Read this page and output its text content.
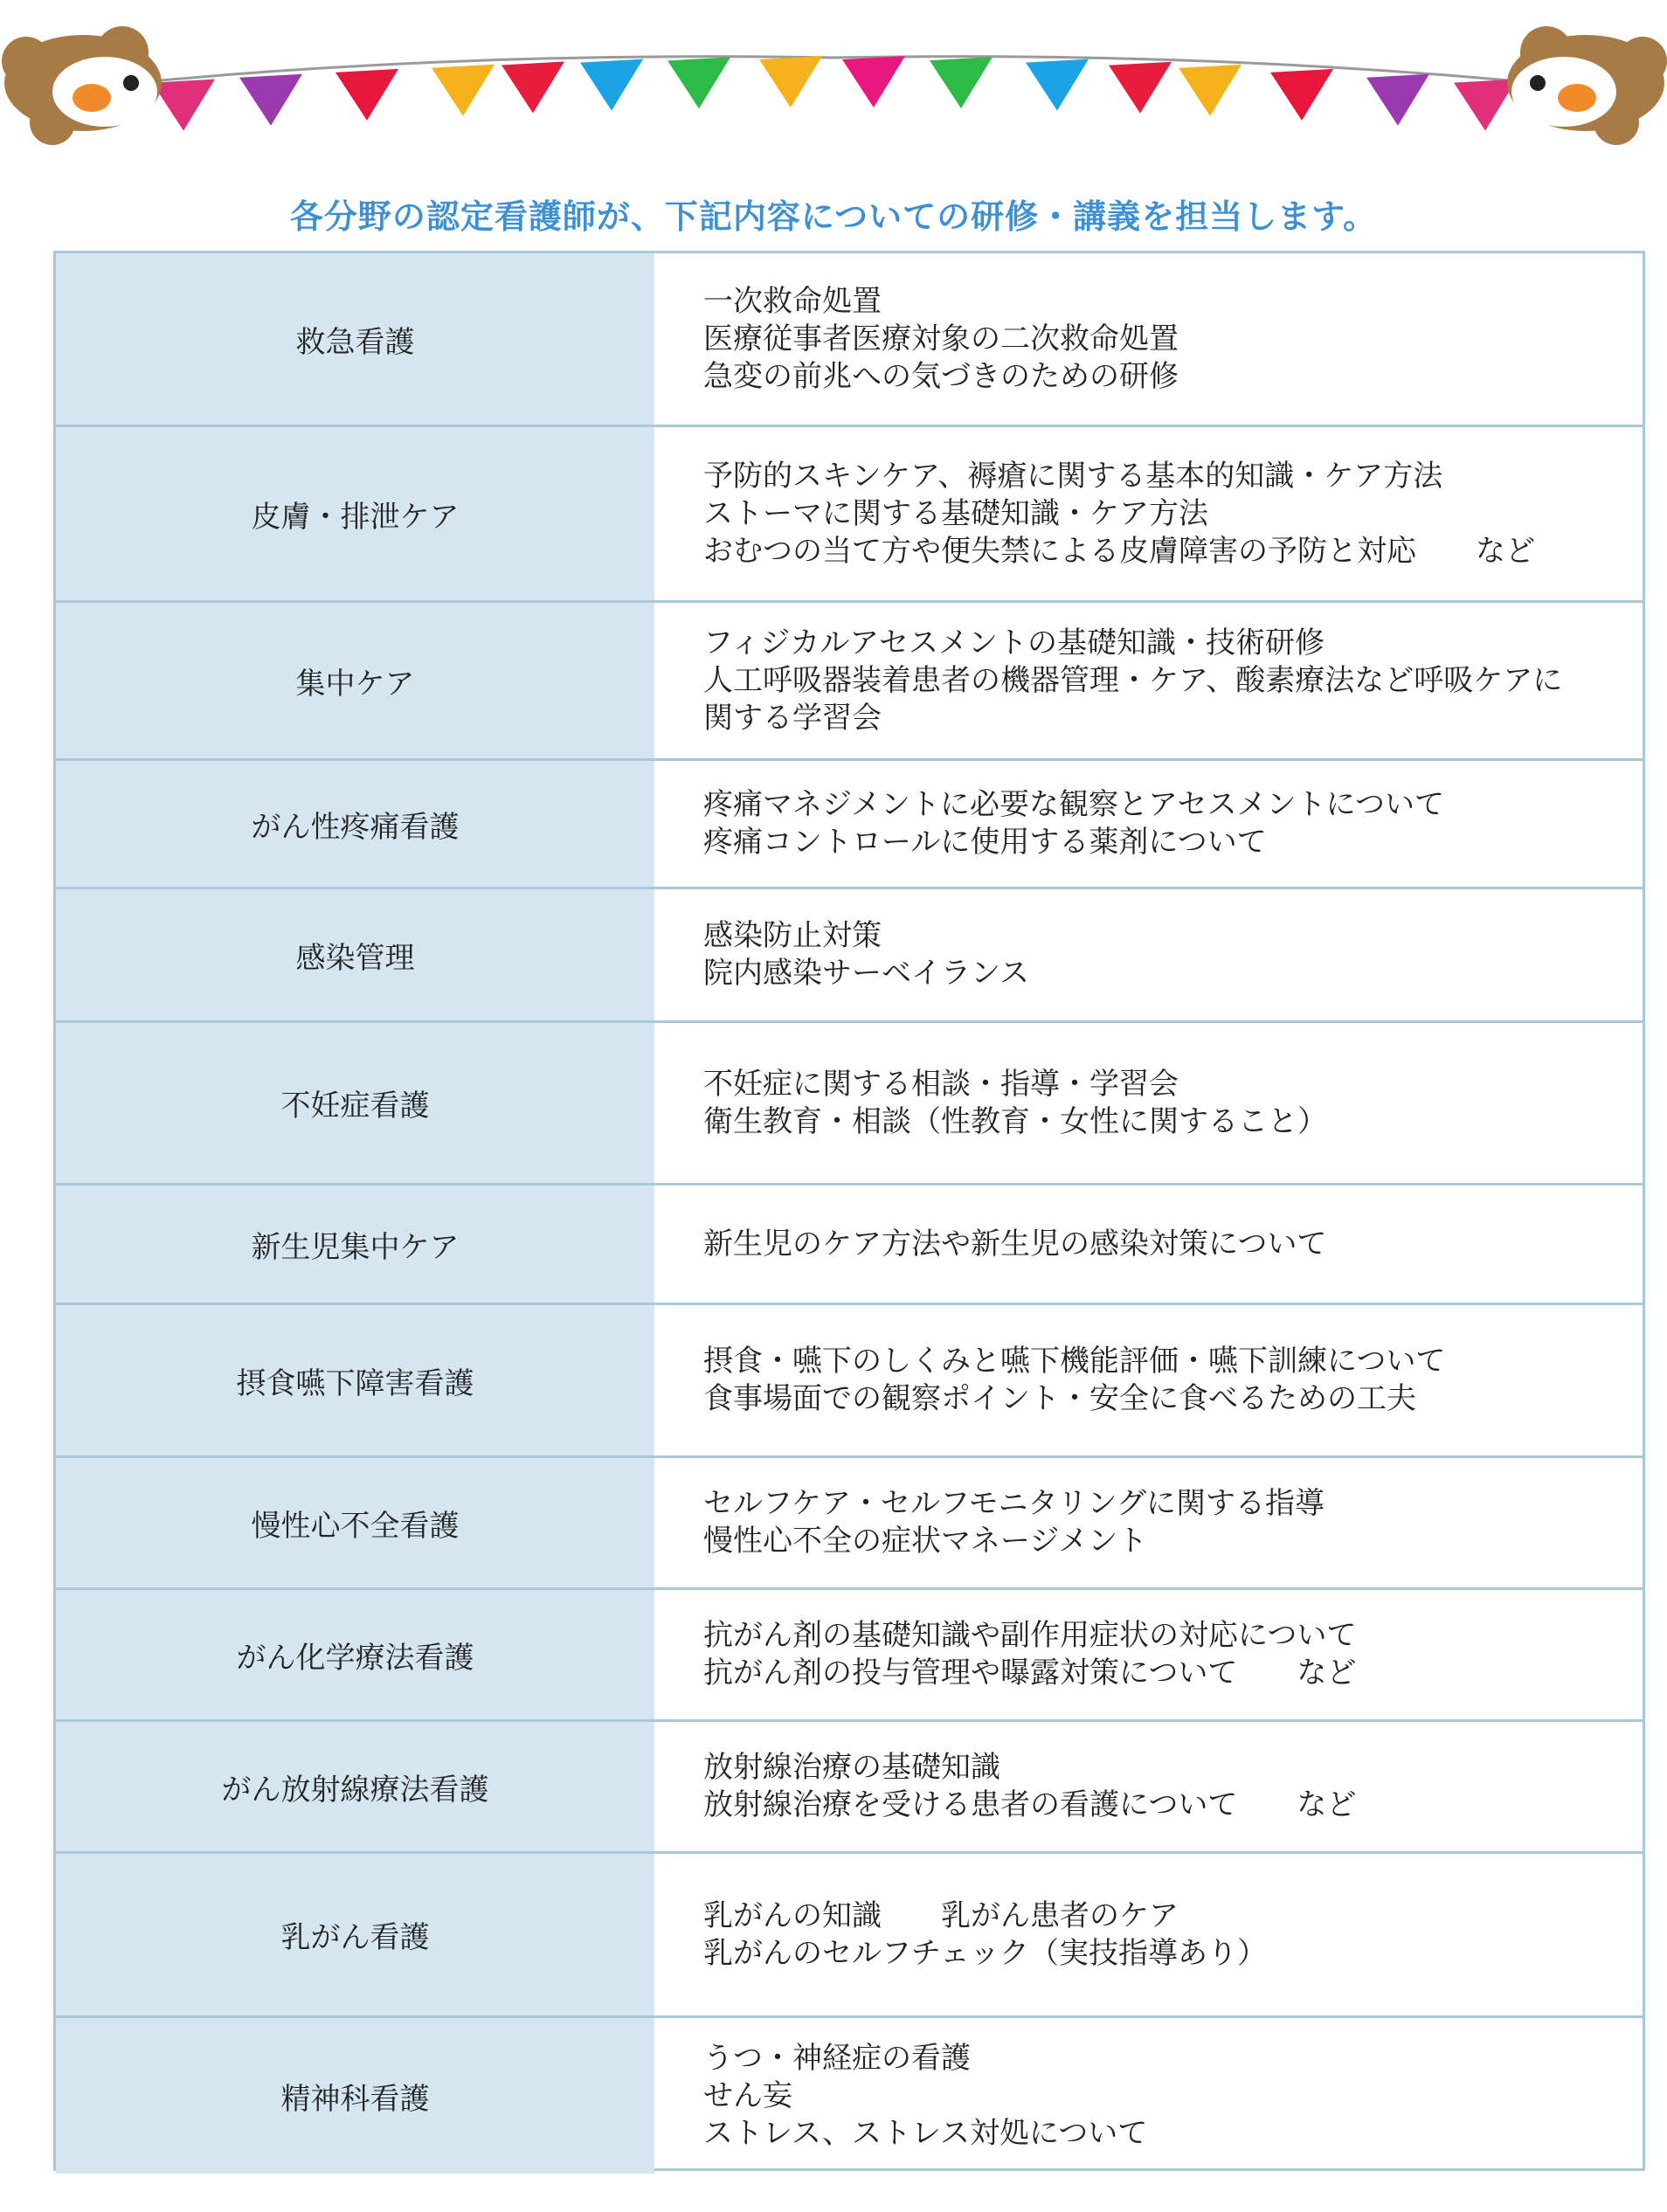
各分野の認定看護師が、下記内容についての研修・講義を担当します。
救急看護
一次救命処置
医療従事者医療対象の二次救命処置
急変の前兆への気づきのための研修
皮膚・排泄ケア
予防的スキンケア、褥瘡に関する基本的知識・ケア方法
ストーマに関する基礎知識・ケア方法
おむつの当て方や便失禁による皮膚障害の予防と対応　　など
集中ケア
フィジカルアセスメントの基礎知識・技術研修
人工呼吸器装着患者の機器管理・ケア、酸素療法など呼吸ケアに
関する学習会
がん性疼痛看護
疼痛マネジメントに必要な観察とアセスメントについて
疼痛コントロールに使用する薬剤について
感染管理
感染防止対策
院内感染サーベイランス
不妊症看護
不妊症に関する相談・指導・学習会
衛生教育・相談（性教育・女性に関すること）
新生児集中ケア	新生児のケア方法や新生児の感染対策について
摂食嚥下障害看護
摂食・嚥下のしくみと嚥下機能評価・嚥下訓練について
食事場面での観察ポイント・安全に食べるための工夫
慢性心不全看護
セルフケア・セルフモニタリングに関する指導
慢性心不全の症状マネージメント
がん化学療法看護
抗がん剤の基礎知識や副作用症状の対応について
抗がん剤の投与管理や曝露対策について　　など
がん放射線療法看護
放射線治療の基礎知識
放射線治療を受ける患者の看護について　　など
乳がん看護
乳がんの知識　　乳がん患者のケア
乳がんのセルフチェック（実技指導あり）
精神科看護
うつ・神経症の看護
せん妄
ストレス、ストレス対処について
